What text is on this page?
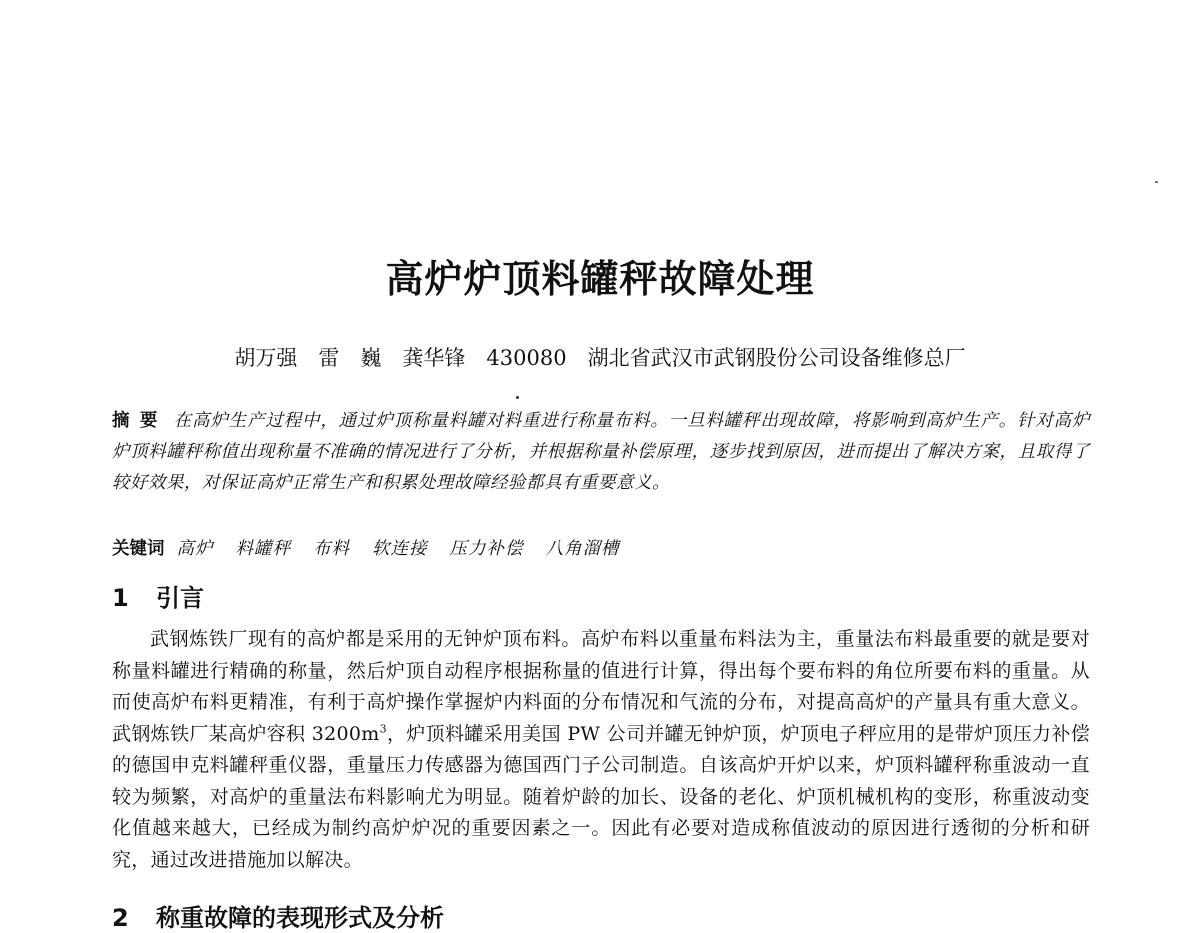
高炉炉顶料罐秤故障处理

胡万强　雷　巍　龚华锋　430080　湖北省武汉市武钢股份公司设备维修总厂

摘要 在高炉生产过程中，通过炉顶称量料罐对料重进行称量布料。一旦料罐秤出现故障，将影响到高炉生产。针对高炉炉顶料罐秤称值出现称量不准确的情况进行了分析，并根据称量补偿原理，逐步找到原因，进而提出了解决方案，且取得了较好效果，对保证高炉正常生产和积累处理故障经验都具有重要意义。

关键词 高炉 料罐秤 布料 软连接 压力补偿 八角溜槽

1 引言

武钢炼铁厂现有的高炉都是采用的无钟炉顶布料。高炉布料以重量布料法为主，重量法布料最重要的就是要对称量料罐进行精确的称量，然后炉顶自动程序根据称量的值进行计算，得出每个要布料的角位所要布料的重量。从而使高炉布料更精准，有利于高炉操作掌握炉内料面的分布情况和气流的分布，对提高高炉的产量具有重大意义。武钢炼铁厂某高炉容积 $3200m^3$，炉顶料罐采用美国 PW 公司并罐无钟炉顶，炉顶电子秤应用的是带炉顶压力补偿的德国申克料罐秤重仪器，重量压力传感器为德国西门子公司制造。自该高炉开炉以来，炉顶料罐秤称重波动一直较为频繁，对高炉的重量法布料影响尤为明显。随着炉龄的加长、设备的老化、炉顶机械机构的变形，称重波动变化值越来越大，已经成为制约高炉炉况的重要因素之一。因此有必要对造成称值波动的原因进行透彻的分析和研究，通过改进措施加以解决。

2 称重故障的表现形式及分析
